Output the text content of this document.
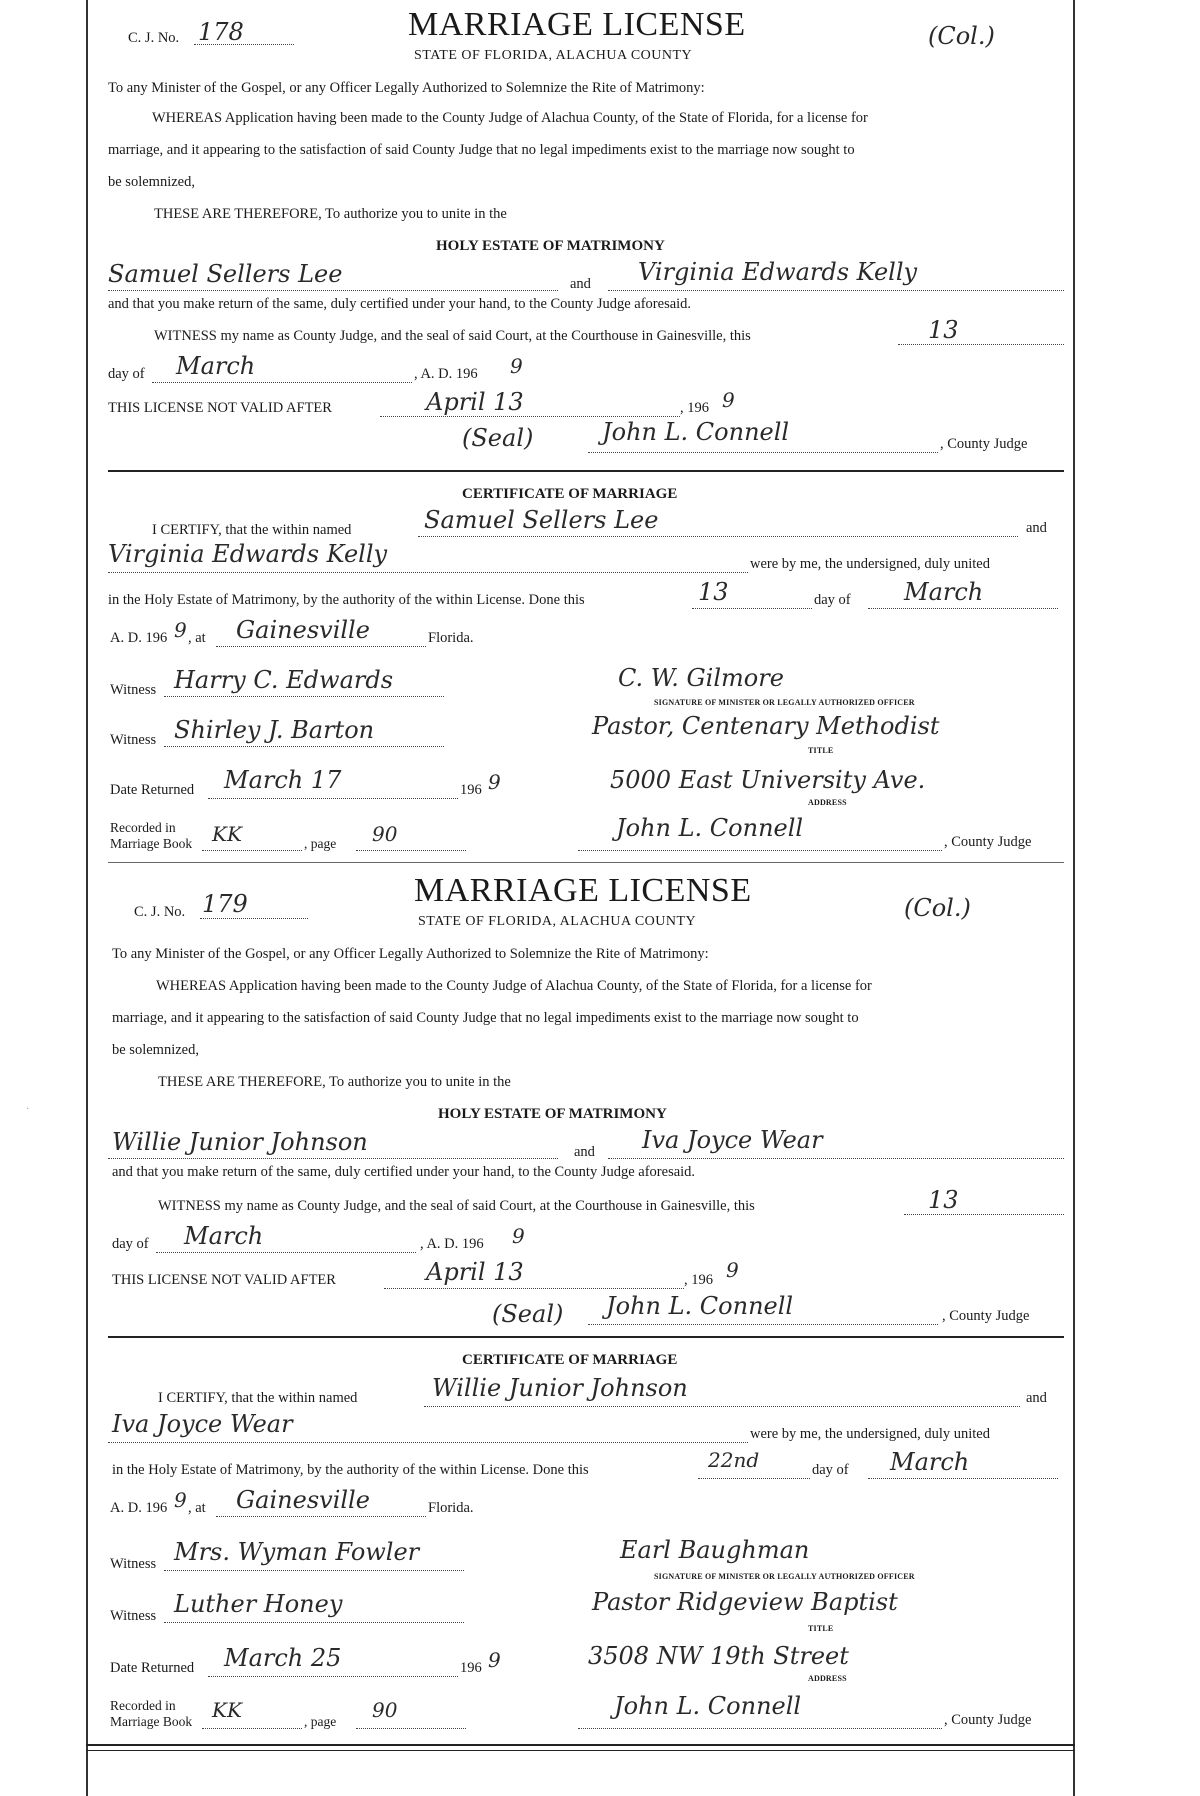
·
C. J. No. 178	MARRIAGE LICENSE
STATE OF FLORIDA, ALACHUA COUNTY
(Col.)
To any Minister of the Gospel, or any Officer Legally Authorized to Solemnize the Rite of Matrimony:
WHEREAS Application having been made to the County Judge of Alachua County, of the State of Florida, for a license for
marriage, and it appearing to the satisfaction of said County Judge that no legal impediments exist to the marriage now sought to
be solemnized,
THESE ARE THEREFORE, To authorize you to unite in the
HOLY ESTATE OF MATRIMONY
Samuel Sellers Lee	and Virginia Edwards Kelly
and that you make return of the same, duly certified under your hand, to the County Judge aforesaid.
WITNESS my name as County Judge, and the seal of said Court, at the Courthouse in Gainesville, this	13
day of March	, A. D. 196 9
THIS LICENSE NOT VALID AFTER	April 13	, 196 9
(Seal)	John L. Connell	, County Judge
CERTIFICATE OF MARRIAGE
I CERTIFY, that the within named	Samuel Sellers Lee	and
Virginia Edwards Kelly	were by me, the undersigned, duly united
in the Holy Estate of Matrimony, by the authority of the within License. Done this	13	day of March
A. D. 196 9 , at Gainesville	Florida.
Witness Harry C. Edwards	C. W. Gilmore
SIGNATURE OF MINISTER OR LEGALLY AUTHORIZED OFFICER
Witness Shirley J. Barton	Pastor, Centenary Methodist
TITLE
Date Returned March 17	196 9	5000 East University Ave.
ADDRESS
Recorded in
Marriage Book KK	, page 90	John L. Connell	, County Judge
C. J. No. 179	MARRIAGE LICENSE
STATE OF FLORIDA, ALACHUA COUNTY	(Col.)
To any Minister of the Gospel, or any Officer Legally Authorized to Solemnize the Rite of Matrimony:
WHEREAS Application having been made to the County Judge of Alachua County, of the State of Florida, for a license for
marriage, and it appearing to the satisfaction of said County Judge that no legal impediments exist to the marriage now sought to
be solemnized,
THESE ARE THEREFORE, To authorize you to unite in the
HOLY ESTATE OF MATRIMONY
Willie Junior Johnson	and Iva Joyce Wear
and that you make return of the same, duly certified under your hand, to the County Judge aforesaid.
WITNESS my name as County Judge, and the seal of said Court, at the Courthouse in Gainesville, this	13
day of March	, A. D. 196 9
THIS LICENSE NOT VALID AFTER	April 13	, 196 9
(Seal) John L. Connell	, County Judge
CERTIFICATE OF MARRIAGE
I CERTIFY, that the within named	Willie Junior Johnson	and
Iva Joyce Wear	were by me, the undersigned, duly united
in the Holy Estate of Matrimony, by the authority of the within License. Done this	22nd	day of March
A. D. 196 9 , at Gainesville	Florida.
Witness Mrs. Wyman Fowler	Earl Baughman
SIGNATURE OF MINISTER OR LEGALLY AUTHORIZED OFFICER
Witness Luther Honey	Pastor Ridgeview Baptist
TITLE
Date Returned March 25	196 9	3508 NW 19th Street
ADDRESS
Recorded in
Marriage Book KK	, page 90	John L. Connell	, County Judge
